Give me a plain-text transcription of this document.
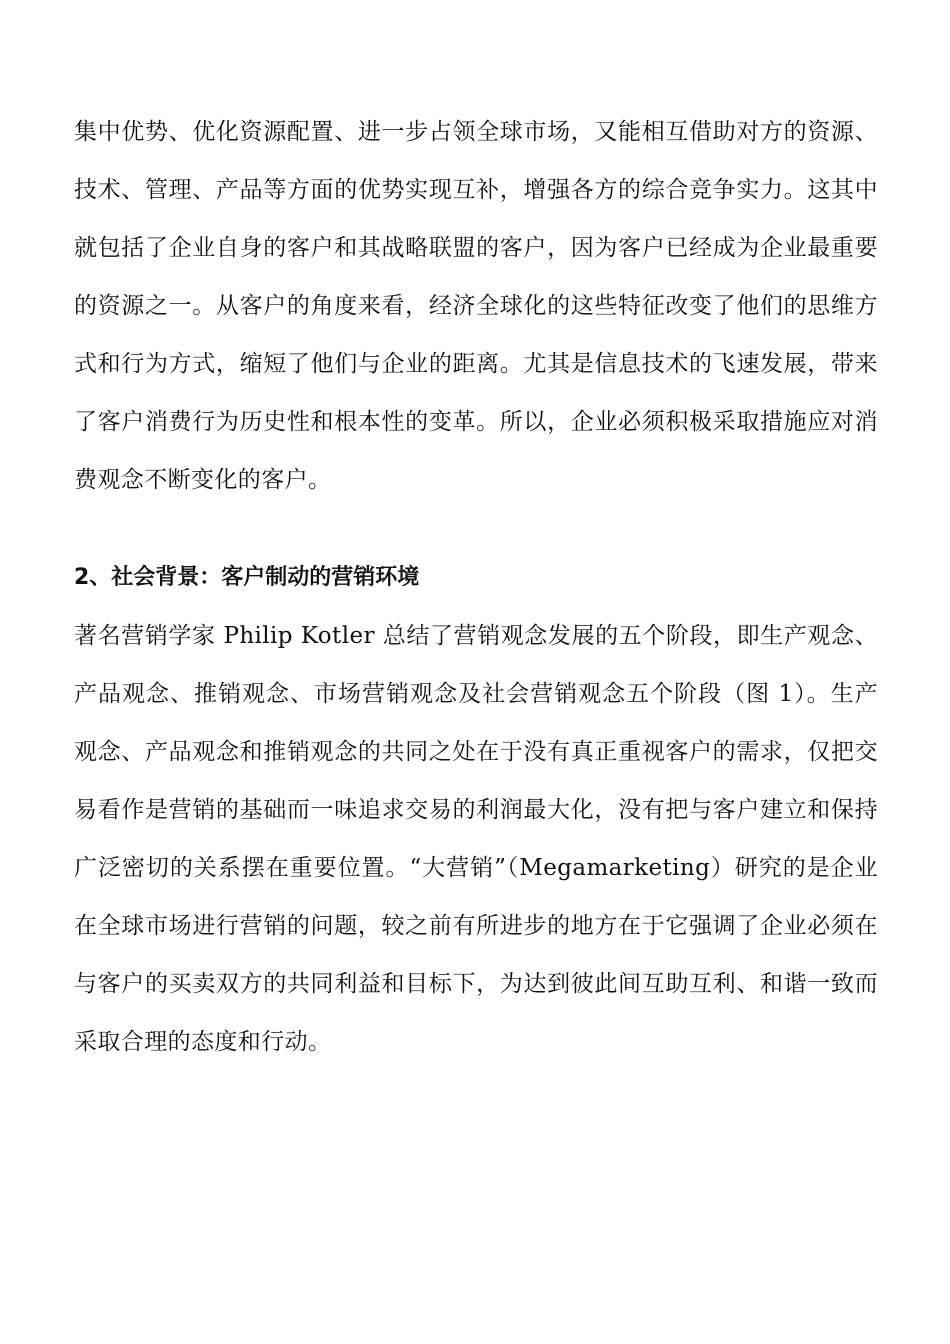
集中优势、优化资源配置、进一步占领全球市场，又能相互借助对方的资源、技术、管理、产品等方面的优势实现互补，增强各方的综合竞争实力。这其中就包括了企业自身的客户和其战略联盟的客户，因为客户已经成为企业最重要的资源之一。从客户的角度来看，经济全球化的这些特征改变了他们的思维方式和行为方式，缩短了他们与企业的距离。尤其是信息技术的飞速发展，带来了客户消费行为历史性和根本性的变革。所以，企业必须积极采取措施应对消费观念不断变化的客户。

2、社会背景：客户制动的营销环境

著名营销学家 Philip Kotler 总结了营销观念发展的五个阶段，即生产观念、产品观念、推销观念、市场营销观念及社会营销观念五个阶段（图 1）。生产观念、产品观念和推销观念的共同之处在于没有真正重视客户的需求，仅把交易看作是营销的基础而一味追求交易的利润最大化，没有把与客户建立和保持广泛密切的关系摆在重要位置。“大营销”（Megamarketing）研究的是企业在全球市场进行营销的问题，较之前有所进步的地方在于它强调了企业必须在与客户的买卖双方的共同利益和目标下，为达到彼此间互助互利、和谐一致而采取合理的态度和行动。
